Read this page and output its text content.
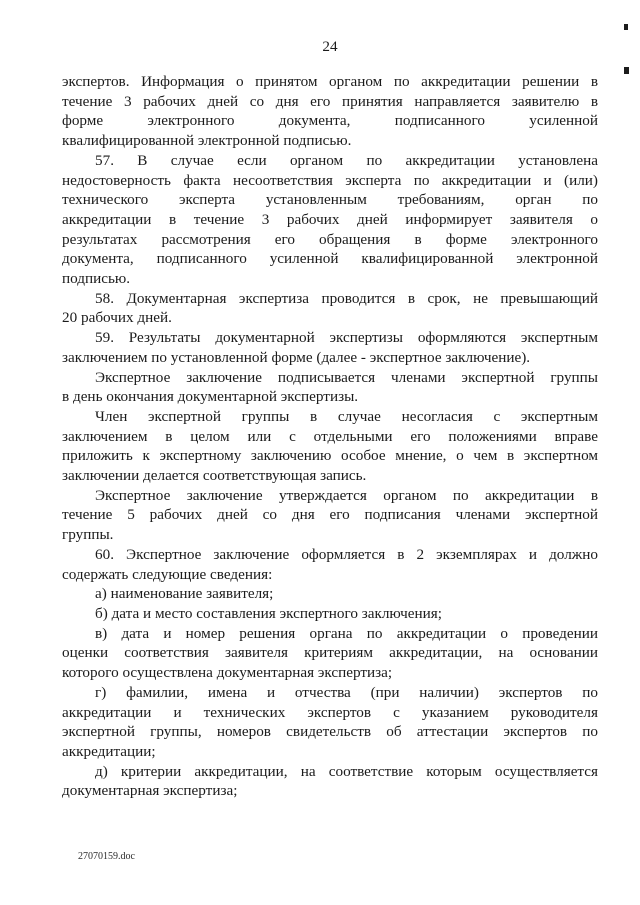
24

экспертов. Информация о принятом органом по аккредитации решении в
течение 3 рабочих дней со дня его принятия направляется заявителю в
форме электронного документа, подписанного усиленной
квалифицированной электронной подписью.

57. В случае если органом по аккредитации установлена
недостоверность факта несоответствия эксперта по аккредитации и (или)
технического эксперта установленным требованиям, орган по
аккредитации в течение 3 рабочих дней информирует заявителя о
результатах рассмотрения его обращения в форме электронного
документа, подписанного усиленной квалифицированной электронной
подписью.

58. Документарная экспертиза проводится в срок, не превышающий
20 рабочих дней.

59. Результаты документарной экспертизы оформляются экспертным
заключением по установленной форме (далее - экспертное заключение).

Экспертное заключение подписывается членами экспертной группы
в день окончания документарной экспертизы.

Член экспертной группы в случае несогласия с экспертным
заключением в целом или с отдельными его положениями вправе
приложить к экспертному заключению особое мнение, о чем в экспертном
заключении делается соответствующая запись.

Экспертное заключение утверждается органом по аккредитации в
течение 5 рабочих дней со дня его подписания членами экспертной
группы.

60. Экспертное заключение оформляется в 2 экземплярах и должно
содержать следующие сведения:

а) наименование заявителя;

б) дата и место составления экспертного заключения;

в) дата и номер решения органа по аккредитации о проведении
оценки соответствия заявителя критериям аккредитации, на основании
которого осуществлена документарная экспертиза;

г) фамилии, имена и отчества (при наличии) экспертов по
аккредитации и технических экспертов с указанием руководителя
экспертной группы, номеров свидетельств об аттестации экспертов по
аккредитации;

д) критерии аккредитации, на соответствие которым осуществляется
документарная экспертиза;

27070159.doc
